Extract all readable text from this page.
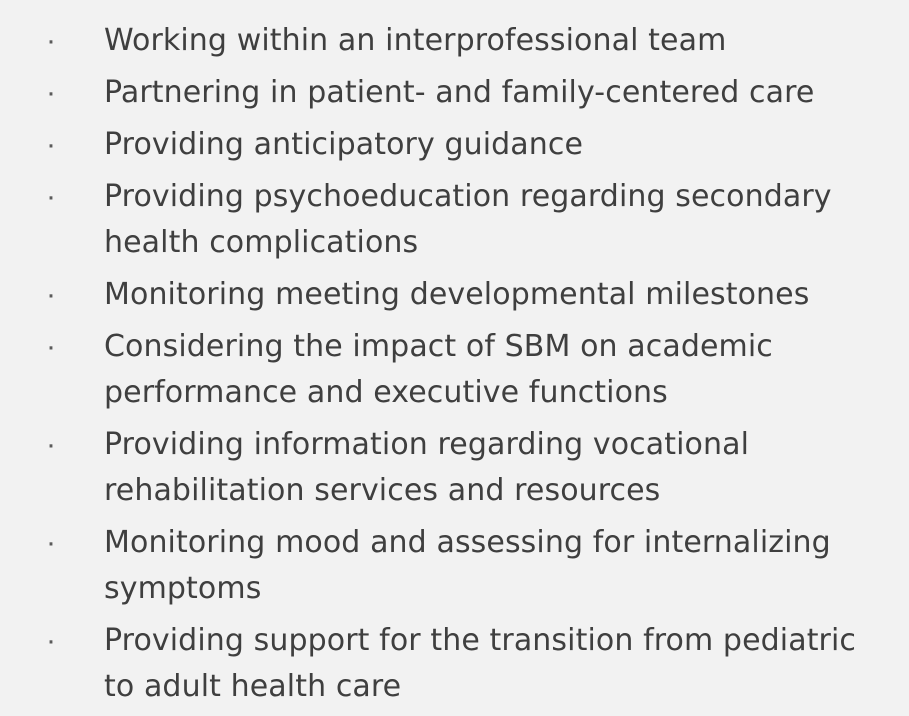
·	Working within an interprofessional team
·	Partnering in patient- and family-centered care
·	Providing anticipatory guidance
·	Providing psychoeducation regarding secondary health complications
·	Monitoring meeting developmental milestones
·	Considering the impact of SBM on academic performance and executive functions
·	Providing information regarding vocational rehabilitation services and resources
·	Monitoring mood and assessing for internalizing symptoms
·	Providing support for the transition from pediatric to adult health care
